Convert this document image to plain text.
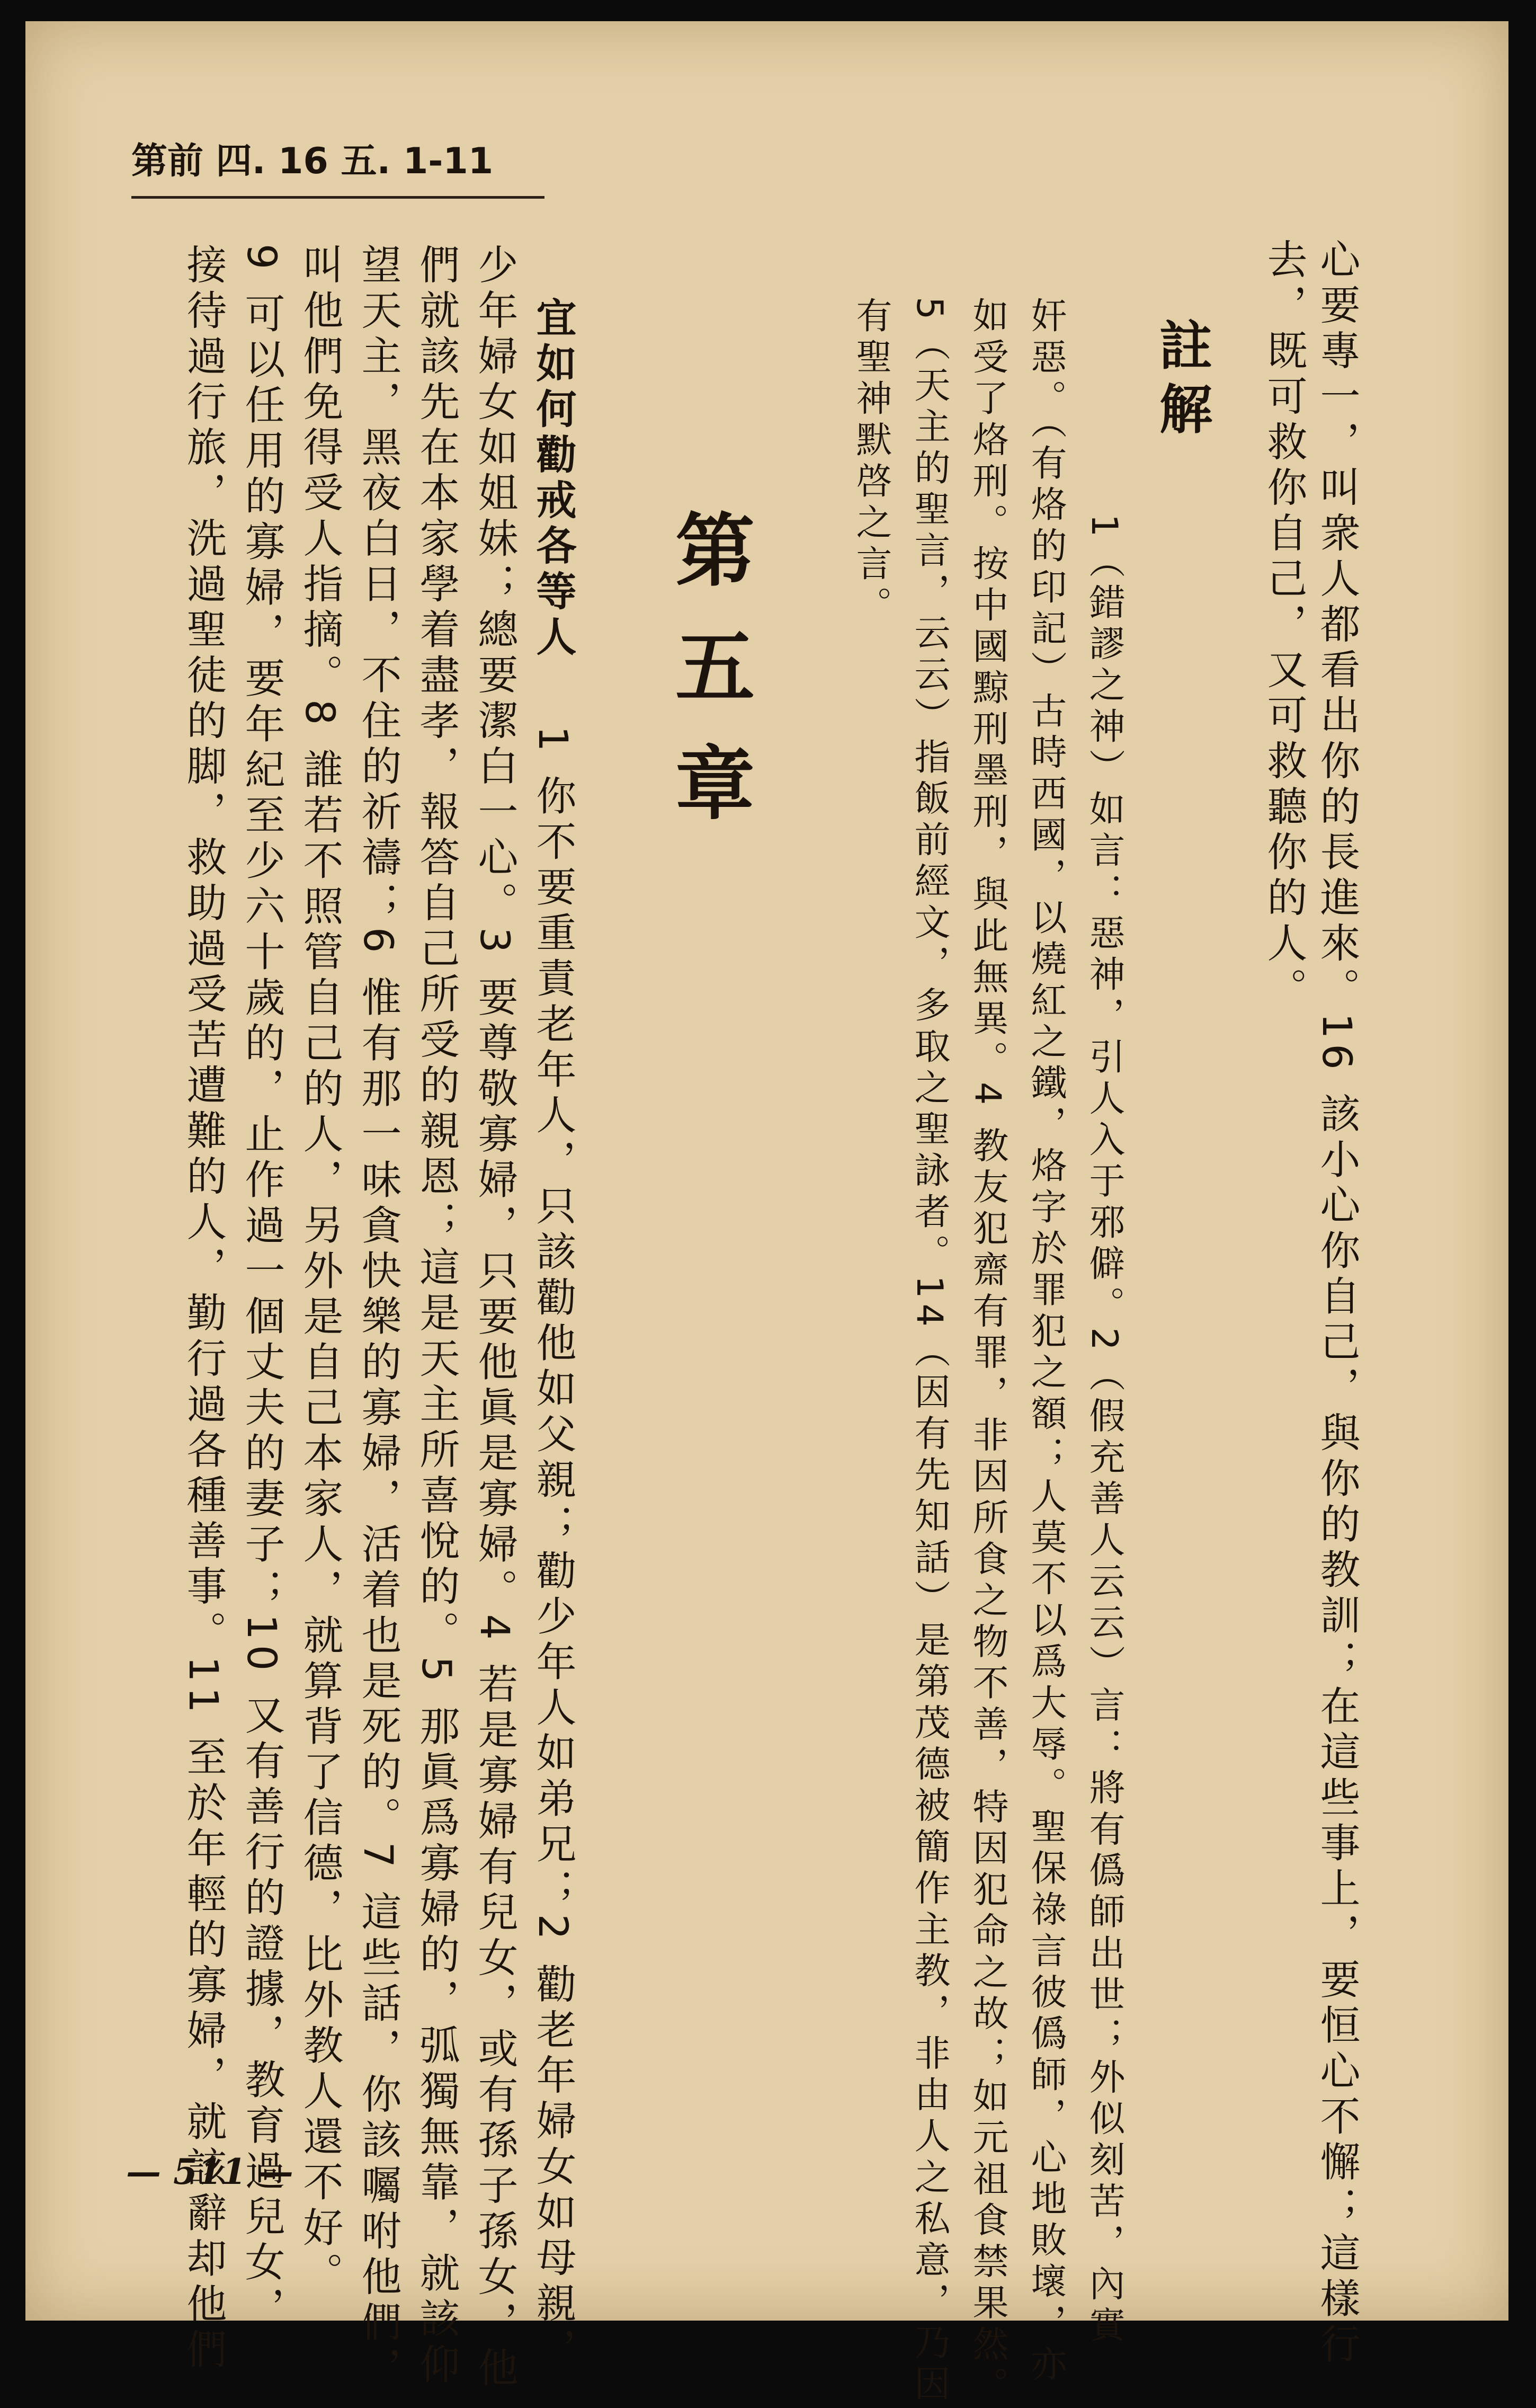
第前 四. 16 五. 1-11
心要專一，叫衆人都看出你的長進來。16 該小心你自己，與你的教訓；在這些事上，要恒心不懈；這樣行
去，既可救你自己，又可救聽你的人。
註解
1（錯謬之神）如言：惡神，引人入于邪僻。2（假充善人云云）言：將有僞師出世；外似刻苦，內實
奸惡。（有烙的印記）古時西國，以燒紅之鐵，烙字於罪犯之額；人莫不以爲大辱。聖保祿言彼僞師，心地敗壞，亦
如受了烙刑。按中國黥刑墨刑，與此無異。4 教友犯齋有罪，非因所食之物不善，特因犯命之故；如元祖食禁果然。
5（天主的聖言，云云）指飯前經文，多取之聖詠者。14（因有先知話）是第茂德被簡作主教，非由人之私意，乃因
有聖神默啓之言。
第五章
宜如何勸戒各等人
1 你不要重責老年人，只該勸他如父親；勸少年人如弟兄；2 勸老年婦女如母親，
少年婦女如姐妹；總要潔白一心。3 要尊敬寡婦，只要他眞是寡婦。4 若是寡婦有兒女，或有孫子孫女，他
們就該先在本家學着盡孝，報答自己所受的親恩；這是天主所喜悅的。5 那眞爲寡婦的，弧獨無靠，就該仰
望天主，黑夜白日，不住的祈禱；6 惟有那一味貪快樂的寡婦，活着也是死的。7 這些話，你該囑咐他們，
叫他們免得受人指摘。8 誰若不照管自己的人，另外是自己本家人，就算背了信德，比外教人還不好。
9 可以任用的寡婦，要年紀至少六十歲的，止作過一個丈夫的妻子；10 又有善行的證據，教育過兒女，
接待過行旅，洗過聖徒的脚，救助過受苦遭難的人，勤行過各種善事。11 至於年輕的寡婦，就該辭却他們
— 511 —
